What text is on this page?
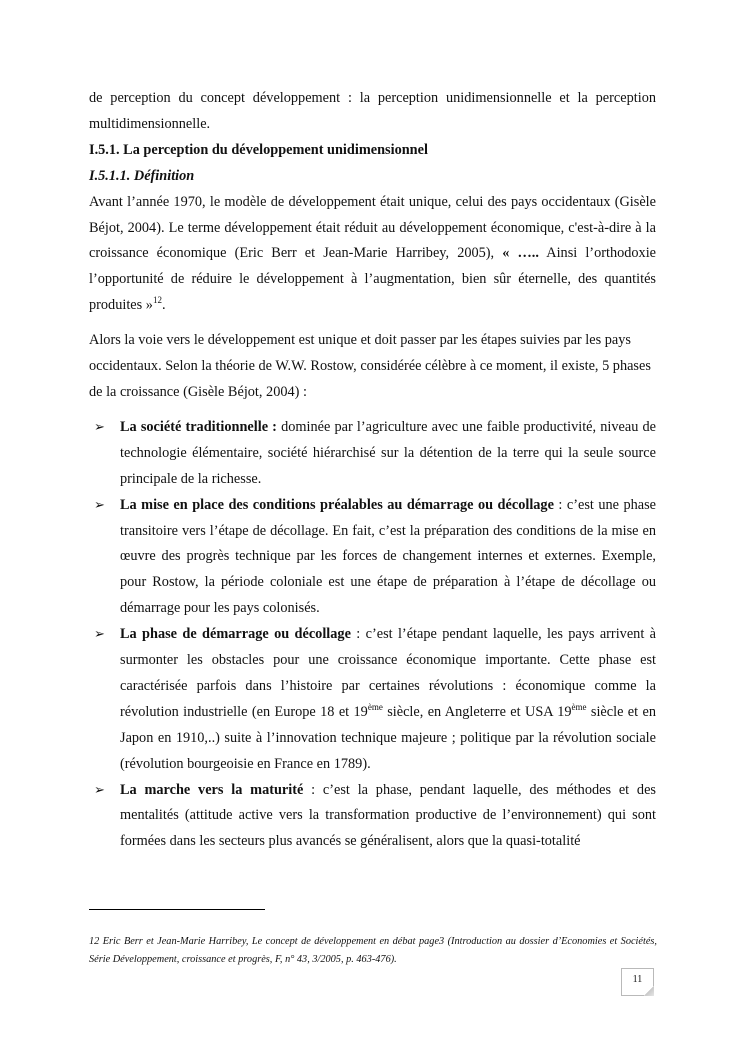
de perception du concept développement : la perception unidimensionnelle et la perception multidimensionnelle.

I.5.1. La perception du développement unidimensionnel

I.5.1.1. Définition

Avant l’année 1970, le modèle de développement était unique, celui des pays occidentaux (Gisèle Béjot, 2004). Le terme développement était réduit au développement économique, c'est-à-dire à la croissance économique (Eric Berr et Jean-Marie Harribey, 2005), « ….. Ainsi l’orthodoxie l’opportunité de réduire le développement à l’augmentation, bien sûr éternelle, des quantités produites »$^{12}$.

Alors la voie vers le développement est unique et doit passer par les étapes suivies par les pays occidentaux. Selon la théorie de W.W. Rostow, considérée célèbre à ce moment, il existe, 5 phases de la croissance (Gisèle Béjot, 2004) :

➢ La société traditionnelle : dominée par l’agriculture avec une faible productivité, niveau de technologie élémentaire, société hiérarchisé sur la détention de la terre qui la seule source principale de la richesse.

➢ La mise en place des conditions préalables au démarrage ou décollage : c’est une phase transitoire vers l’étape de décollage. En fait, c’est la préparation des conditions de la mise en œuvre des progrès technique par les forces de changement internes et externes. Exemple, pour Rostow, la période coloniale est une étape de préparation à l’étape de décollage ou démarrage pour les pays colonisés.

➢ La phase de démarrage ou décollage : c’est l’étape pendant laquelle, les pays arrivent à surmonter les obstacles pour une croissance économique importante. Cette phase est caractérisée parfois dans l’histoire par certaines révolutions : économique comme la révolution industrielle (en Europe 18 et 19ème siècle, en Angleterre et USA 19ème siècle et en Japon en 1910,..) suite à l’innovation technique majeure ; politique par la révolution sociale (révolution bourgeoisie en France en 1789).

➢ La marche vers la maturité : c’est la phase, pendant laquelle, des méthodes et des mentalités (attitude active vers la transformation productive de l’environnement) qui sont formées dans les secteurs plus avancés se généralisent, alors que la quasi-totalité

12 Eric Berr et Jean-Marie Harribey, Le concept de développement en débat page3 (Introduction au dossier d’Economies et Sociétés, Série Développement, croissance et progrès, F, n° 43, 3/2005, p. 463-476).
11
